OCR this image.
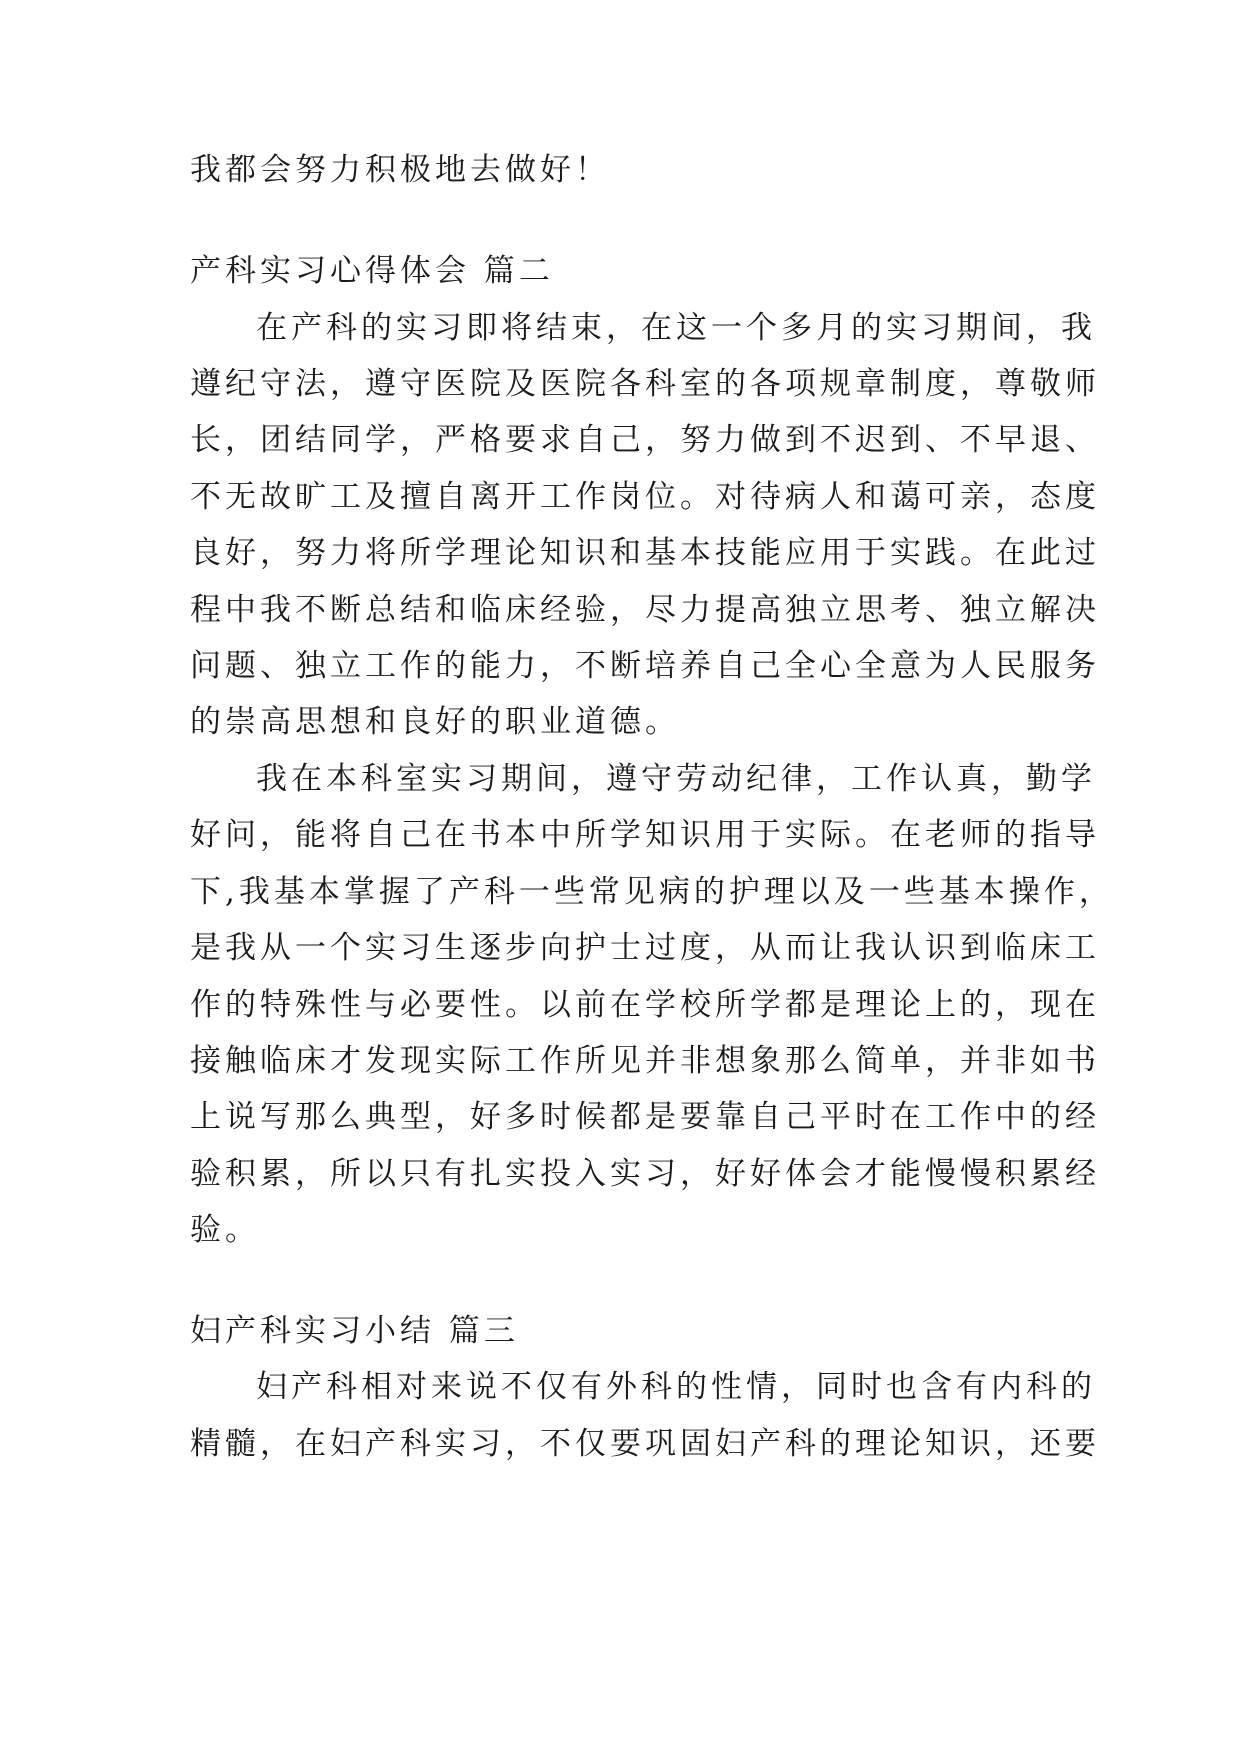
我都会努力积极地去做好！
产科实习心得体会 篇二
在产科的实习即将结束，在这一个多月的实习期间，我
遵纪守法，遵守医院及医院各科室的各项规章制度，尊敬师
长，团结同学，严格要求自己，努力做到不迟到、不早退、
不无故旷工及擅自离开工作岗位。对待病人和蔼可亲，态度
良好，努力将所学理论知识和基本技能应用于实践。在此过
程中我不断总结和临床经验，尽力提高独立思考、独立解决
问题、独立工作的能力，不断培养自己全心全意为人民服务
的崇高思想和良好的职业道德。
我在本科室实习期间，遵守劳动纪律，工作认真，勤学
好问，能将自己在书本中所学知识用于实际。在老师的指导
下,我基本掌握了产科一些常见病的护理以及一些基本操作，
是我从一个实习生逐步向护士过度，从而让我认识到临床工
作的特殊性与必要性。以前在学校所学都是理论上的，现在
接触临床才发现实际工作所见并非想象那么简单，并非如书
上说写那么典型，好多时候都是要靠自己平时在工作中的经
验积累，所以只有扎实投入实习，好好体会才能慢慢积累经
验。
妇产科实习小结 篇三
妇产科相对来说不仅有外科的性情，同时也含有内科的
精髓，在妇产科实习，不仅要巩固妇产科的理论知识，还要
